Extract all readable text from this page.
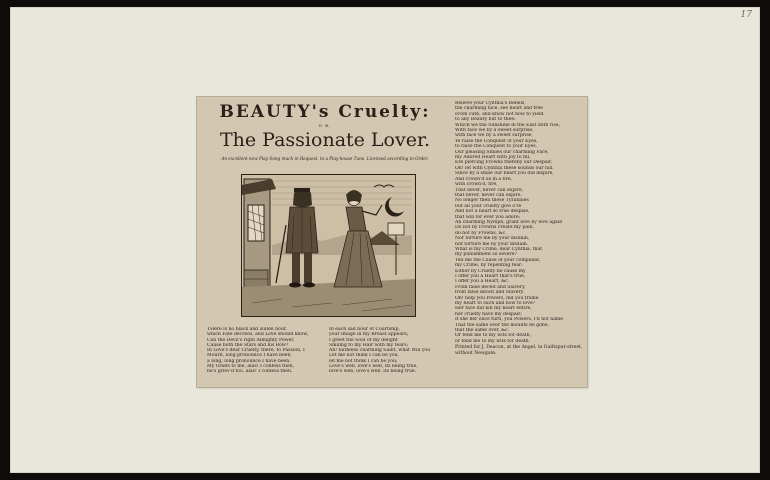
17
BEAUTY's Cruelty:
O R,
The Passionate Lover.
An excellent new Play-Song much in Request, to a Play-house Tune. Licensed according to Order.
THere is no black and sullen hour,
which Fate decrees, and Love should know,
Can the Devil's right Almighty Power,
Cause both the Stars and his Bow?
In Love's dear Cruelty, there, to Passion, I
Mourn, long pronounce I have been,
a long, long pronounce I have been,
My Griefs to me, alas! I confess then,
he's griev'd too, alas! I confess then.
In each sad hour of Courtship,
your Image in my Breast appears;
I greet the Soul of my delight
Smiling to my Hair with my tears;
Ah! faithless charming Saint, what Will you
Let me not think I can be you,
let me not think I can be you;
Love's web, love's web, its being true,
love's web, love's web, its being true.
Believe your Cynthia's Rebels,
the charming face, see heart and free
From Fate, and know not how to yield
to any Beauty but to thee:
Which we the Sunshine in the East doth rise,
With face we by a sweet surprise,
with face we by a sweet surprise,
Ye raise the Conquest of your Eyes,
to raise the Conquest to your Eyes.
Our pleasing Smiles our charming Face,
my Adored Heart with Joy to fill,
Ere piercing Frowns thereby our Despair,
Oh! let with Cynthia these sounds our hill,
Since by a smile our heart you did inspire,
And crown'd us in a fire,
with crown'd, fire,
That never, never can expire,
that never, never can expire.
No longer then these Tyrannies
but all your cruelty give o're
And not a heart so true despise,
that will for ever you adore;
Ah charming Nymph, grant love by love again
Do not by Frowns create my pain,
do not by Frowns, &c.
Nor torture me by your disdain,
nor torture me by your disdain.
What is my Crime, dear Cynthia, that
my punishment so severe?
Tell me the Cause of your complaint,
my Crime, by repenting fear:
Either by Cruelty he cause my
I offer you a Heart that's true,
I offer you a Heart, &c.
From false deceit and Slavery,
from false deceit and Slavery.
Oh! help you Powers, did you frame
my heart to such and how to love?
Her face did kill my heart entire,
her cruelty have my despair;
If she her once turn, you Powers, I'll not name
That the same over the mounts be gone,
that the same over, &c.
Or fend me to my wits for death,
or fend me to my wits for death.
Printed for J. Deacon, at the Angel, in Guiltspur-street, without Newgate.
